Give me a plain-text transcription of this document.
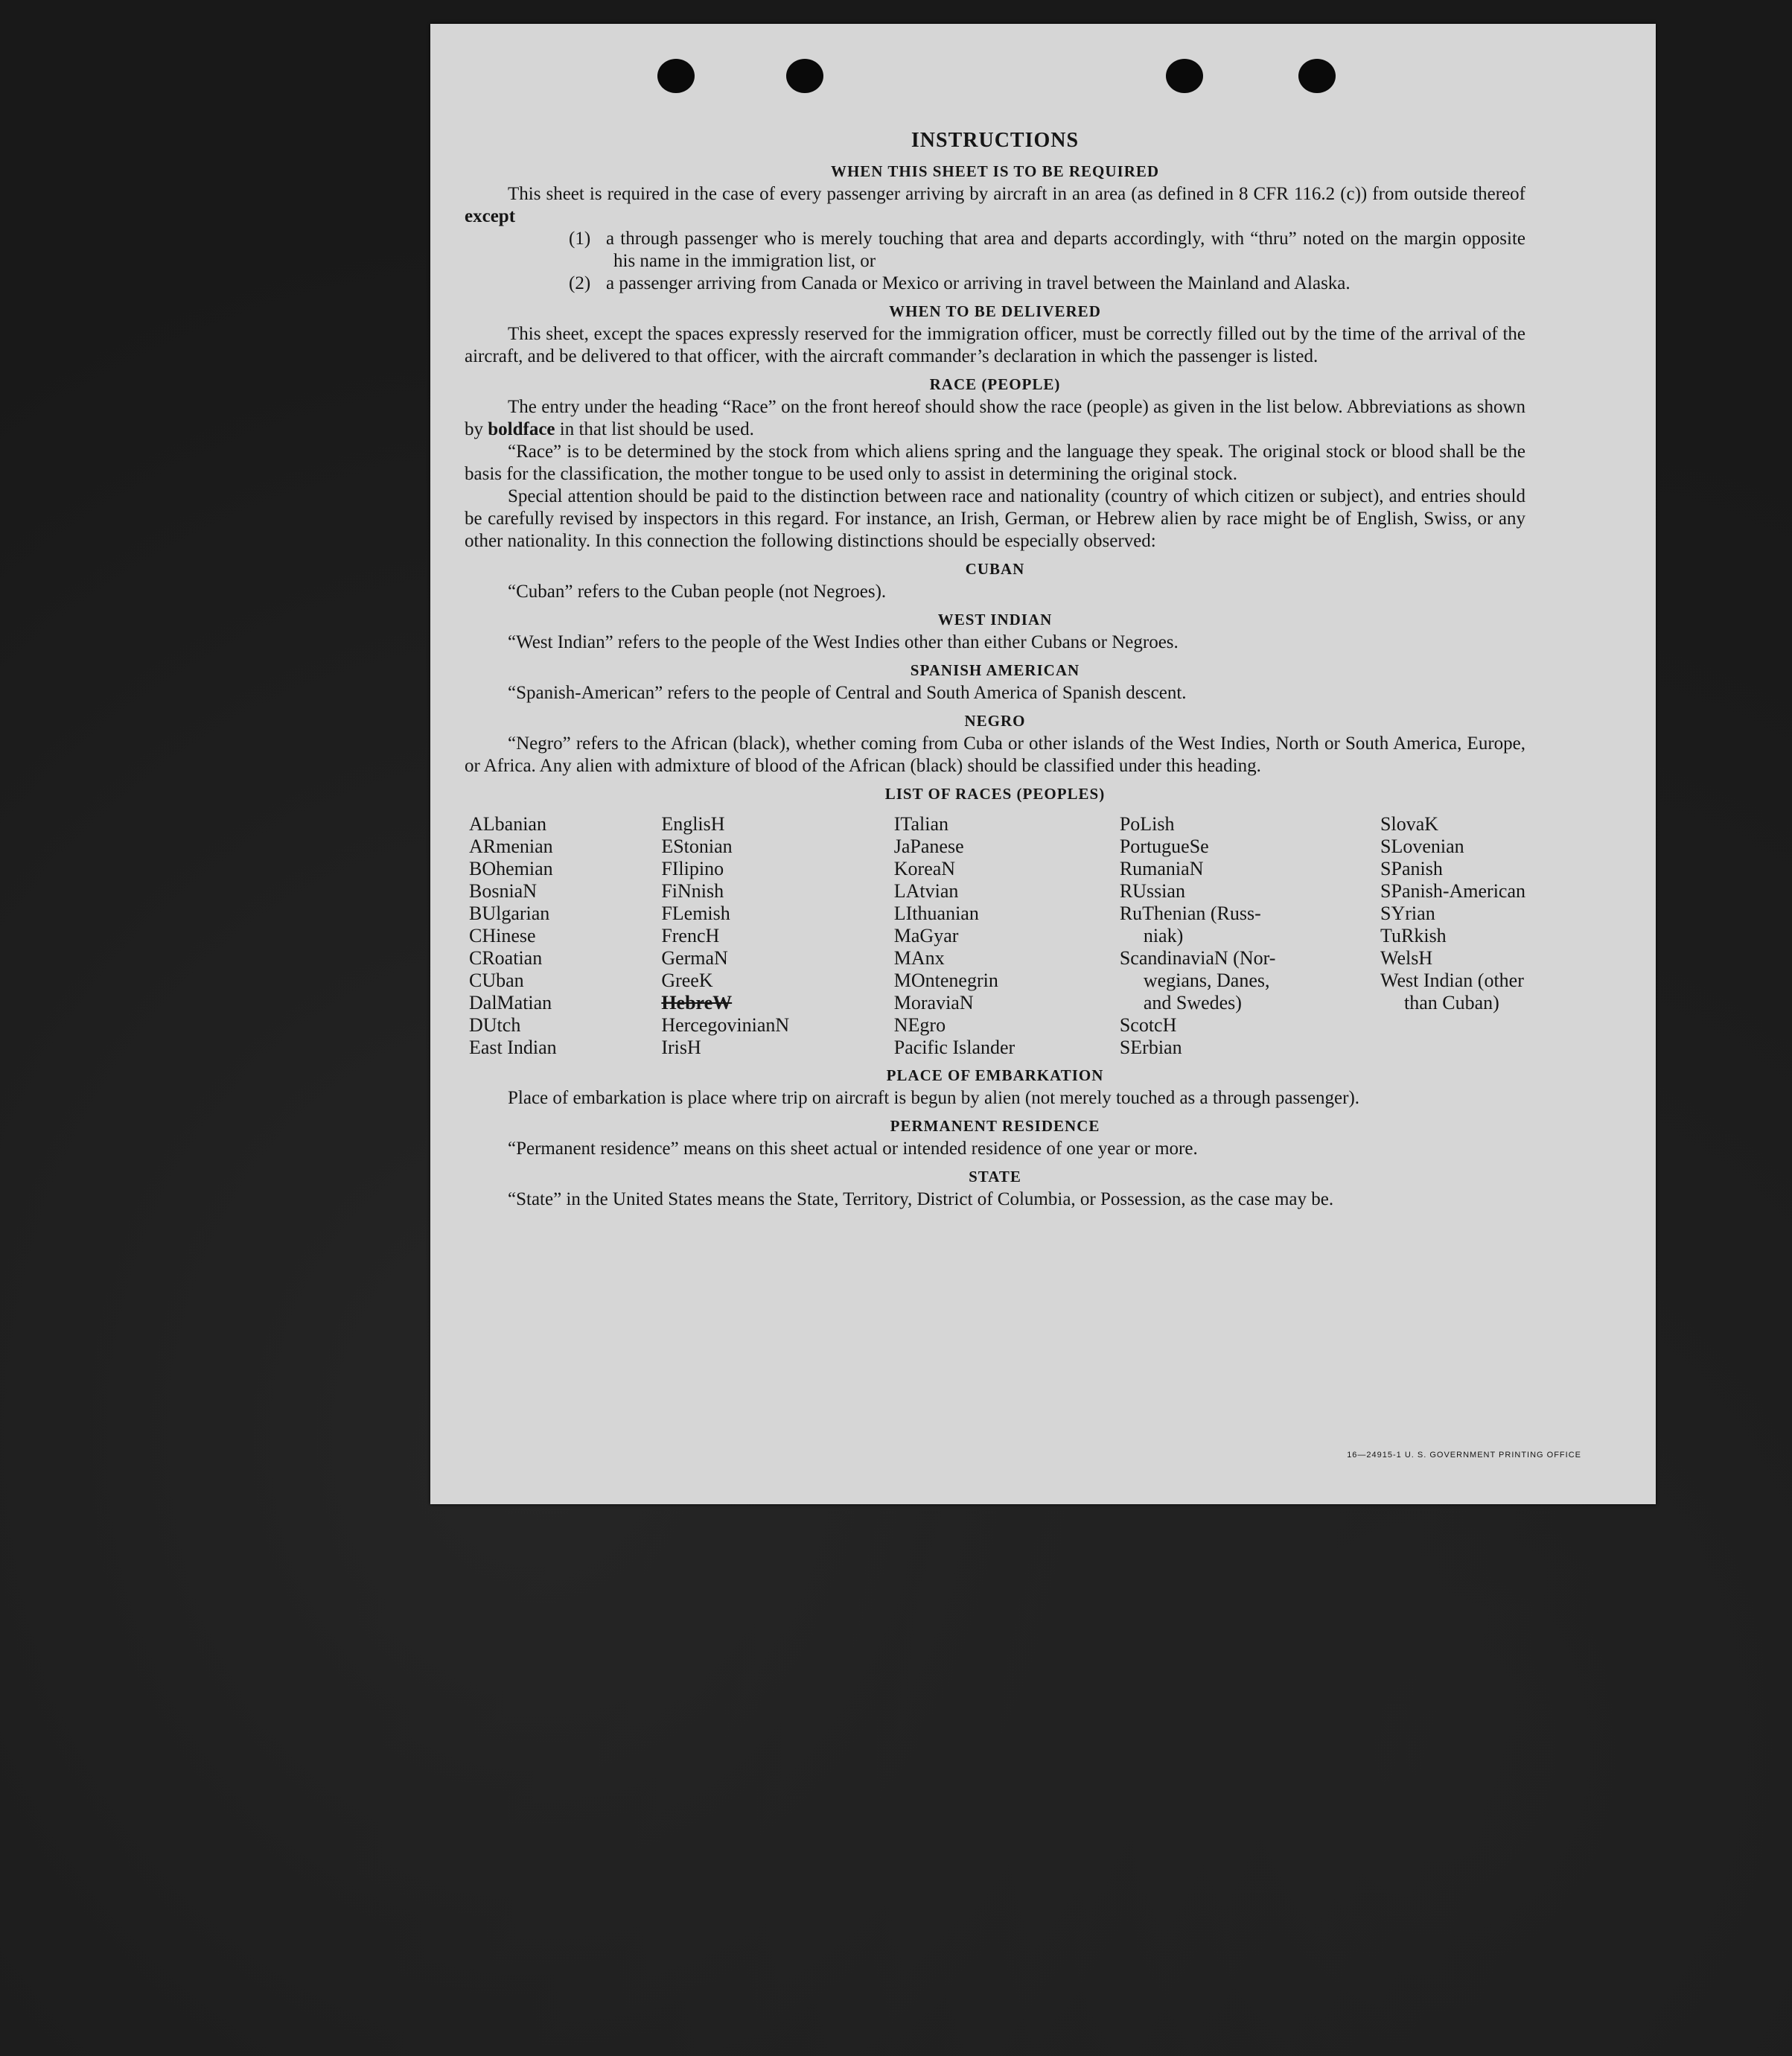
INSTRUCTIONS
WHEN THIS SHEET IS TO BE REQUIRED

This sheet is required in the case of every passenger arriving by aircraft in an area (as defined in 8 CFR 116.2 (c)) from outside thereof except

(1) a through passenger who is merely touching that area and departs accordingly, with “thru” noted on the margin opposite his name in the immigration list, or

(2) a passenger arriving from Canada or Mexico or arriving in travel between the Mainland and Alaska.

WHEN TO BE DELIVERED

This sheet, except the spaces expressly reserved for the immigration officer, must be correctly filled out by the time of the arrival of the aircraft, and be delivered to that officer, with the aircraft commander’s declaration in which the passenger is listed.

RACE (PEOPLE)

The entry under the heading “Race” on the front hereof should show the race (people) as given in the list below. Abbreviations as shown by boldface in that list should be used.

“Race” is to be determined by the stock from which aliens spring and the language they speak. The original stock or blood shall be the basis for the classification, the mother tongue to be used only to assist in determining the original stock.

Special attention should be paid to the distinction between race and nationality (country of which citizen or subject), and entries should be carefully revised by inspectors in this regard. For instance, an Irish, German, or Hebrew alien by race might be of English, Swiss, or any other nationality. In this connection the following distinctions should be especially observed:

CUBAN

“Cuban” refers to the Cuban people (not Negroes).

WEST INDIAN

“West Indian” refers to the people of the West Indies other than either Cubans or Negroes.

SPANISH AMERICAN

“Spanish-American” refers to the people of Central and South America of Spanish descent.

NEGRO

“Negro” refers to the African (black), whether coming from Cuba or other islands of the West Indies, North or South America, Europe, or Africa. Any alien with admixture of blood of the African (black) should be classified under this heading.

LIST OF RACES (PEOPLES)
ALbanian
ARmenian
BOhemian
BosniaN
BUlgarian
CHinese
CRoatian
CUban
DalMatian
DUtch
East Indian
EnglisH
EStonian
FIlipino
FiNnish
FLemish
FrencH
GermaN
GreeK
HebreW
HercegovinianN
IrisH
ITalian
JaPanese
KoreaN
LAtvian
LIthuanian
MaGyar
MAnx
MOntenegrin
MoraviaN
NEgro
Pacific Islander
PoLish
PortugueSe
RumaniaN
RUssian
RuThenian (Russ-
niak)
ScandinaviaN (Nor-
wegians, Danes,
and Swedes)
ScotcH
SErbian
SlovaK
SLovenian
SPanish
SPanish-American
SYrian
TuRkish
WelsH
West Indian (other
than Cuban)
PLACE OF EMBARKATION

Place of embarkation is place where trip on aircraft is begun by alien (not merely touched as a through passenger).

PERMANENT RESIDENCE

“Permanent residence” means on this sheet actual or intended residence of one year or more.

STATE

“State” in the United States means the State, Territory, District of Columbia, or Possession, as the case may be.

16—24915-1 U. S. GOVERNMENT PRINTING OFFICE
